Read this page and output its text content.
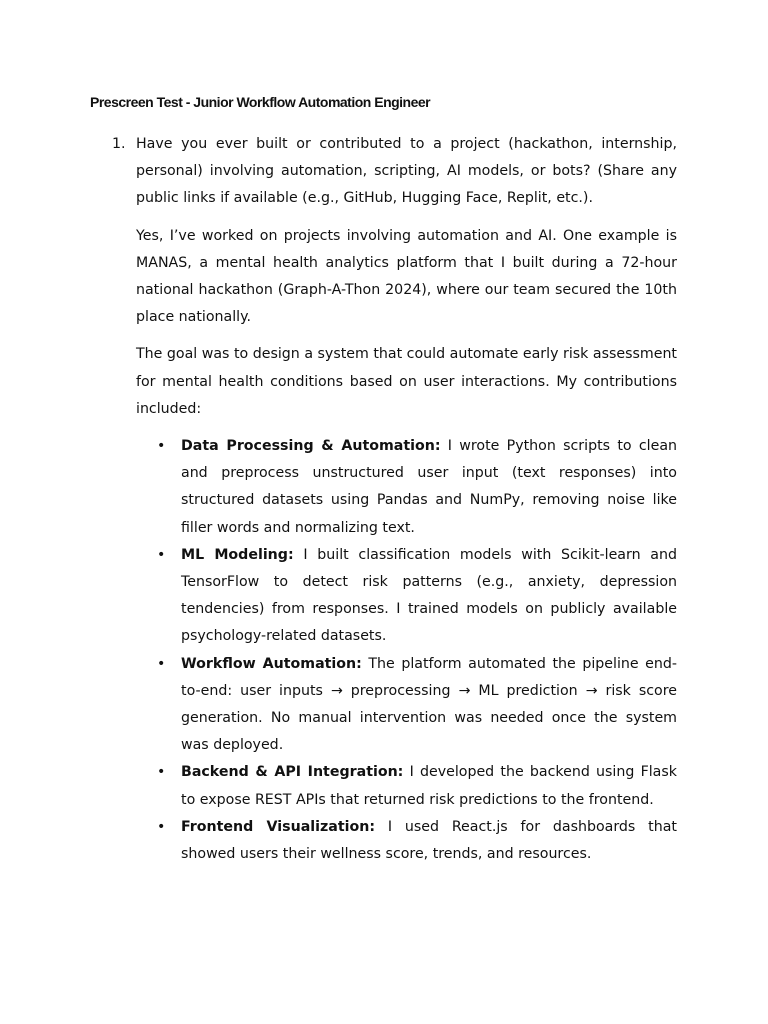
Prescreen Test - Junior Workflow Automation Engineer
1. Have you ever built or contributed to a project (hackathon, internship, personal) involving automation, scripting, AI models, or bots? (Share any public links if available (e.g., GitHub, Hugging Face, Replit, etc.).

Yes, I’ve worked on projects involving automation and AI. One example is MANAS, a mental health analytics platform that I built during a 72-hour national hackathon (Graph-A-Thon 2024), where our team secured the 10th place nationally.

The goal was to design a system that could automate early risk assessment for mental health conditions based on user interactions. My contributions included:

• Data Processing & Automation: I wrote Python scripts to clean and preprocess unstructured user input (text responses) into structured datasets using Pandas and NumPy, removing noise like filler words and normalizing text.
• ML Modeling: I built classification models with Scikit-learn and TensorFlow to detect risk patterns (e.g., anxiety, depression tendencies) from responses. I trained models on publicly available psychology-related datasets.
• Workflow Automation: The platform automated the pipeline end-to-end: user inputs → preprocessing → ML prediction → risk score generation. No manual intervention was needed once the system was deployed.
• Backend & API Integration: I developed the backend using Flask to expose REST APIs that returned risk predictions to the frontend.
• Frontend Visualization: I used React.js for dashboards that showed users their wellness score, trends, and resources.
